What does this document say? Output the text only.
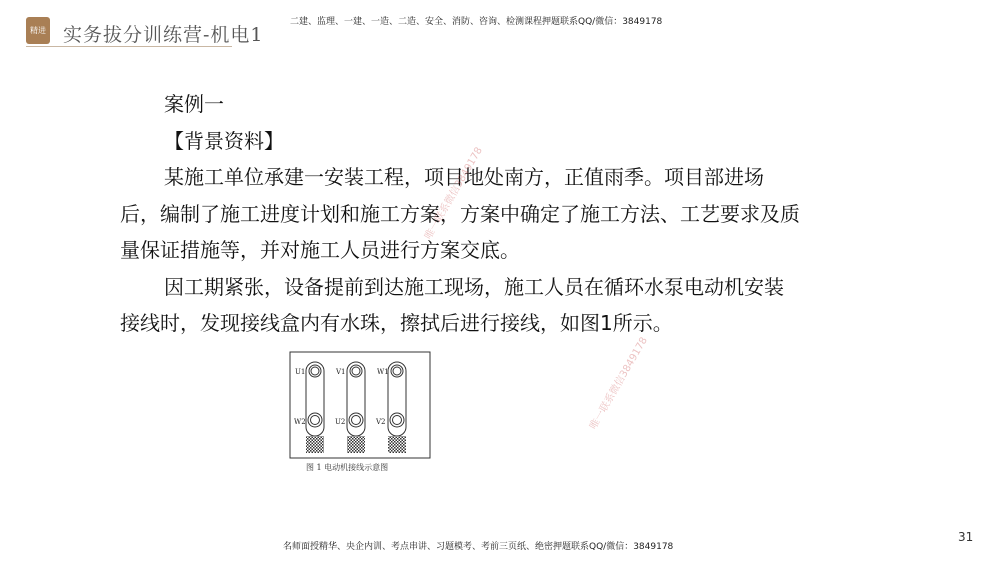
精进 实务拔分训练营-机电1
二建、监理、一建、一造、二造、安全、消防、咨询、检测课程押题联系QQ/微信：3849178

案例一

【背景资料】

某施工单位承建一安装工程，项目地处南方，正值雨季。项目部进场后，编制了施工进度计划和施工方案，方案中确定了施工方法、工艺要求及质量保证措施等，并对施工人员进行方案交底。

因工期紧张，设备提前到达施工现场，施工人员在循环水泵电动机安装接线时，发现接线盒内有水珠，擦拭后进行接线，如图1所示。

唯一联系微信3849178
唯一联系微信3849178
U1	V1	W1
W2	U2	V2
图 1 电动机接线示意图
名师面授精华、央企内训、考点串讲、习题模考、考前三页纸、绝密押题联系QQ/微信：3849178
31
